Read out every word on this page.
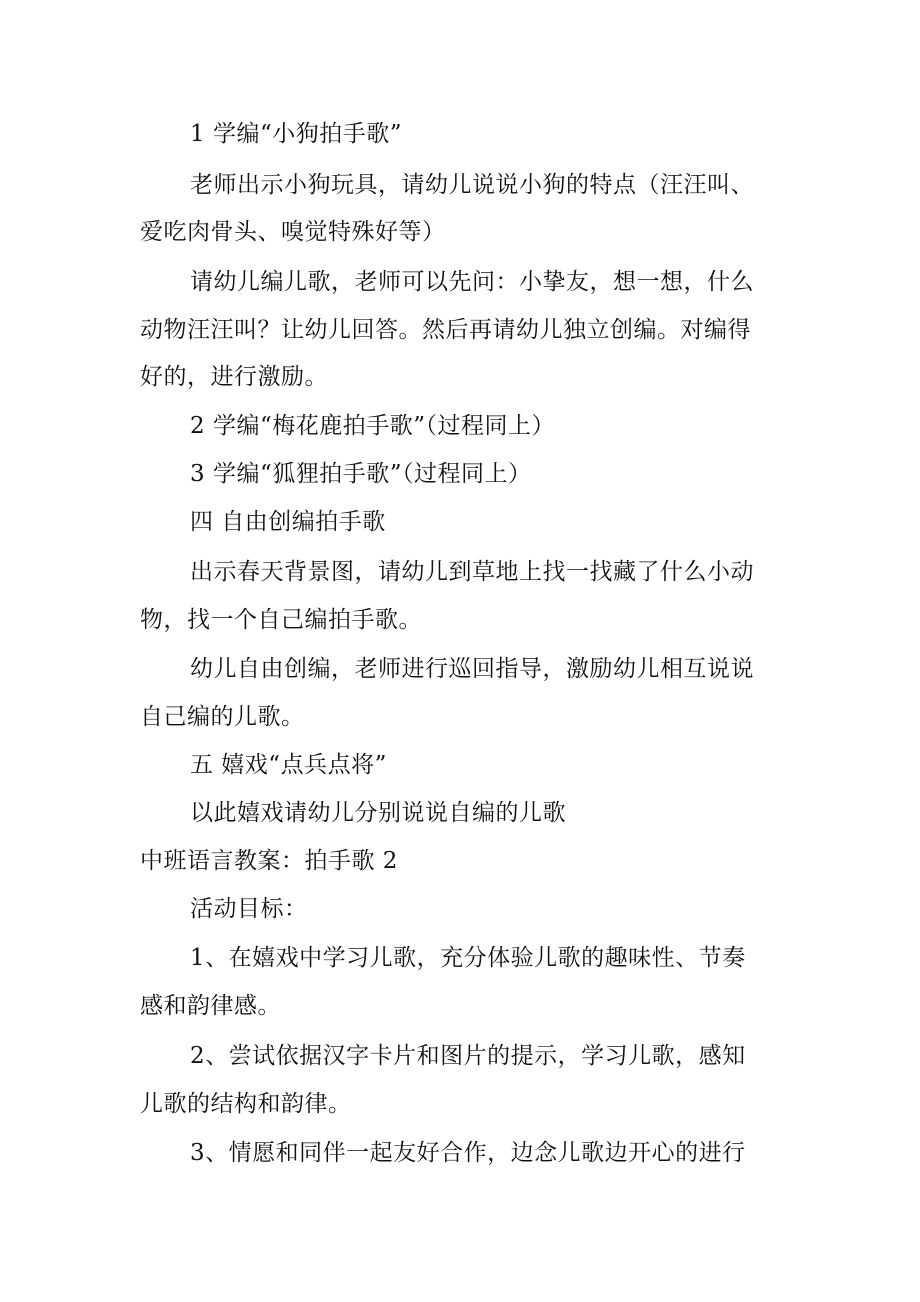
1 学编“小狗拍手歌”
老师出示小狗玩具，请幼儿说说小狗的特点（汪汪叫、
爱吃肉骨头、嗅觉特殊好等）
请幼儿编儿歌，老师可以先问：小挚友，想一想，什么
动物汪汪叫？让幼儿回答。然后再请幼儿独立创编。对编得
好的，进行激励。
2 学编“梅花鹿拍手歌”（过程同上）
3 学编“狐狸拍手歌”（过程同上）
四 自由创编拍手歌
出示春天背景图，请幼儿到草地上找一找藏了什么小动
物，找一个自己编拍手歌。
幼儿自由创编，老师进行巡回指导，激励幼儿相互说说
自己编的儿歌。
五 嬉戏“点兵点将”
以此嬉戏请幼儿分别说说自编的儿歌
中班语言教案：拍手歌 2
活动目标：
1、在嬉戏中学习儿歌，充分体验儿歌的趣味性、节奏
感和韵律感。
2、尝试依据汉字卡片和图片的提示，学习儿歌，感知
儿歌的结构和韵律。
3、情愿和同伴一起友好合作，边念儿歌边开心的进行
